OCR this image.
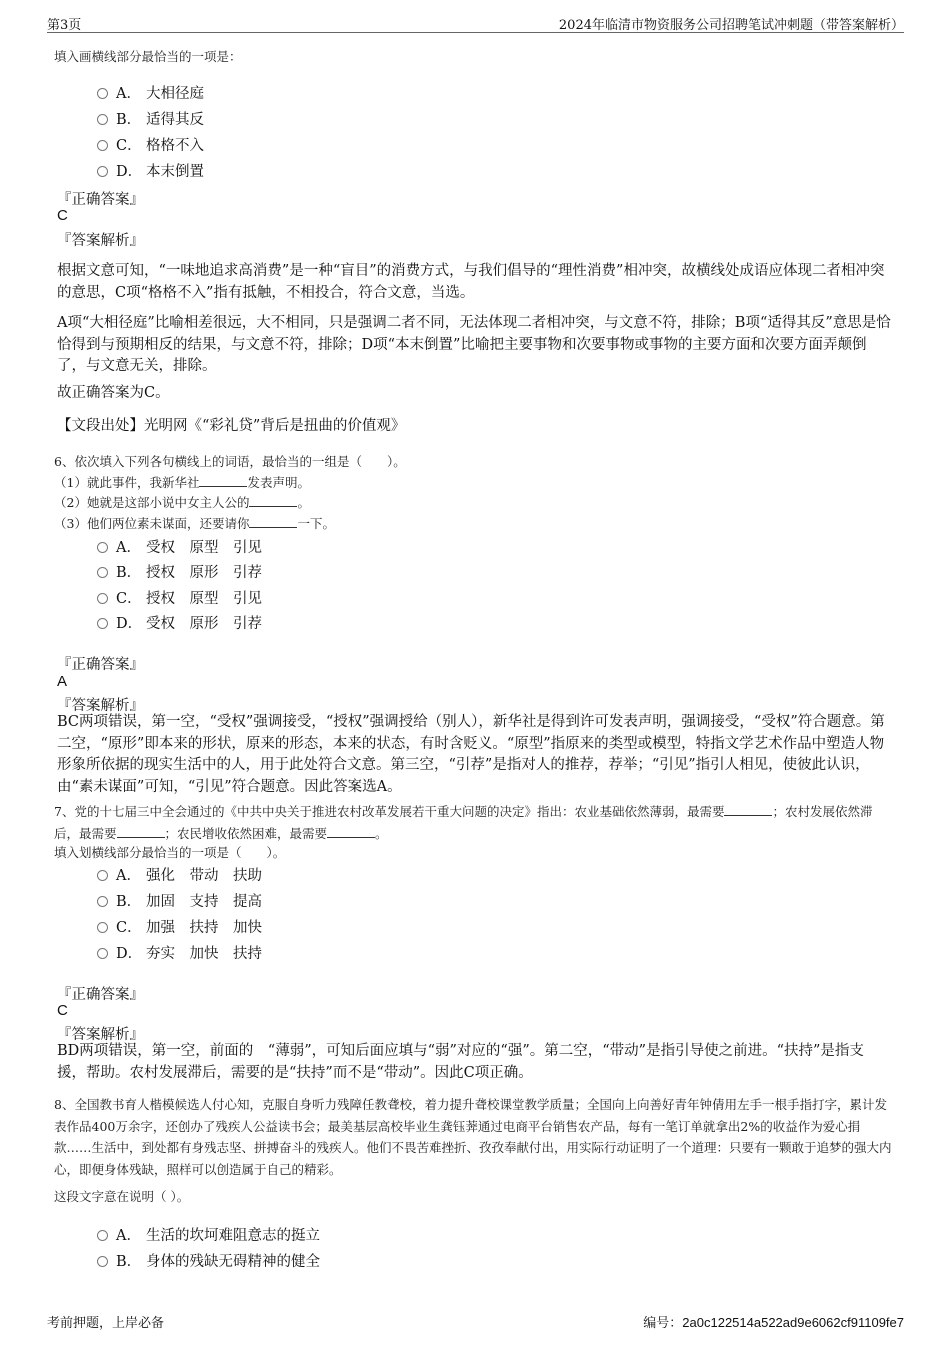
第3页	2024年临清市物资服务公司招聘笔试冲刺题（带答案解析）
填入画横线部分最恰当的一项是：
A． 大相径庭
B． 适得其反
C． 格格不入
D． 本末倒置
『正确答案』
C
『答案解析』
根据文意可知，“一味地追求高消费”是一种“盲目”的消费方式，与我们倡导的“理性消费”相冲突，故横线处成语应体现二者相冲突的意思，C项“格格不入”指有抵触，不相投合，符合文意，当选。
A项“大相径庭”比喻相差很远，大不相同，只是强调二者不同，无法体现二者相冲突，与文意不符，排除；B项“适得其反”意思是恰恰得到与预期相反的结果，与文意不符，排除；D项“本末倒置”比喻把主要事物和次要事物或事物的主要方面和次要方面弄颠倒了，与文意无关，排除。
故正确答案为C。
【文段出处】光明网《“彩礼贷”背后是扭曲的价值观》
6、依次填入下列各句横线上的词语，最恰当的一组是（　　）。
（1）就此事件，我新华社	发表声明。
（2）她就是这部小说中女主人公的	。
（3）他们两位素未谋面，还要请你	一下。
A． 受权　原型　引见
B． 授权　原形　引荐
C． 授权　原型　引见
D． 受权　原形　引荐
『正确答案』
A
『答案解析』
BC两项错误，第一空，“受权”强调接受，“授权”强调授给（别人），新华社是得到许可发表声明，强调接受，“受权”符合题意。第二空，“原形”即本来的形状，原来的形态，本来的状态，有时含贬义。“原型”指原来的类型或模型，特指文学艺术作品中塑造人物形象所依据的现实生活中的人，用于此处符合文意。第三空，“引荐”是指对人的推荐，荐举；“引见”指引人相见，使彼此认识，由“素未谋面”可知，“引见”符合题意。因此答案选A。
7、党的十七届三中全会通过的《中共中央关于推进农村改革发展若干重大问题的决定》指出：农业基础依然薄弱，最需要	；农村发展依然滞后，最需要	；农民增收依然困难，最需要	。
填入划横线部分最恰当的一项是（　　）。
A． 强化　带动　扶助
B． 加固　支持　提高
C． 加强　扶持　加快
D． 夯实　加快　扶持
『正确答案』
C
『答案解析』
BD两项错误，第一空，前面的　“薄弱”，可知后面应填与“弱”对应的“强”。第二空，“带动”是指引导使之前进。“扶持”是指支援，帮助。农村发展滞后，需要的是“扶持”而不是“带动”。因此C项正确。
8、全国教书育人楷模候选人付心知，克服自身听力残障任教聋校，着力提升聋校课堂教学质量；全国向上向善好青年钟倩用左手一根手指打字，累计发表作品400万余字，还创办了残疾人公益读书会；最美基层高校毕业生龚钰莾通过电商平台销售农产品，每有一笔订单就拿出2%的收益作为爱心捐款……生活中，到处都有身残志坚、拼搏奋斗的残疾人。他们不畏苦难挫折、孜孜奉献付出，用实际行动证明了一个道理：只要有一颗敢于追梦的强大内心，即便身体残缺，照样可以创造属于自己的精彩。
这段文字意在说明（ ）。
A． 生活的坎坷难阻意志的挺立
B． 身体的残缺无碍精神的健全
考前押题，上岸必备	编号：2a0c122514a522ad9e6062cf91109fe7
